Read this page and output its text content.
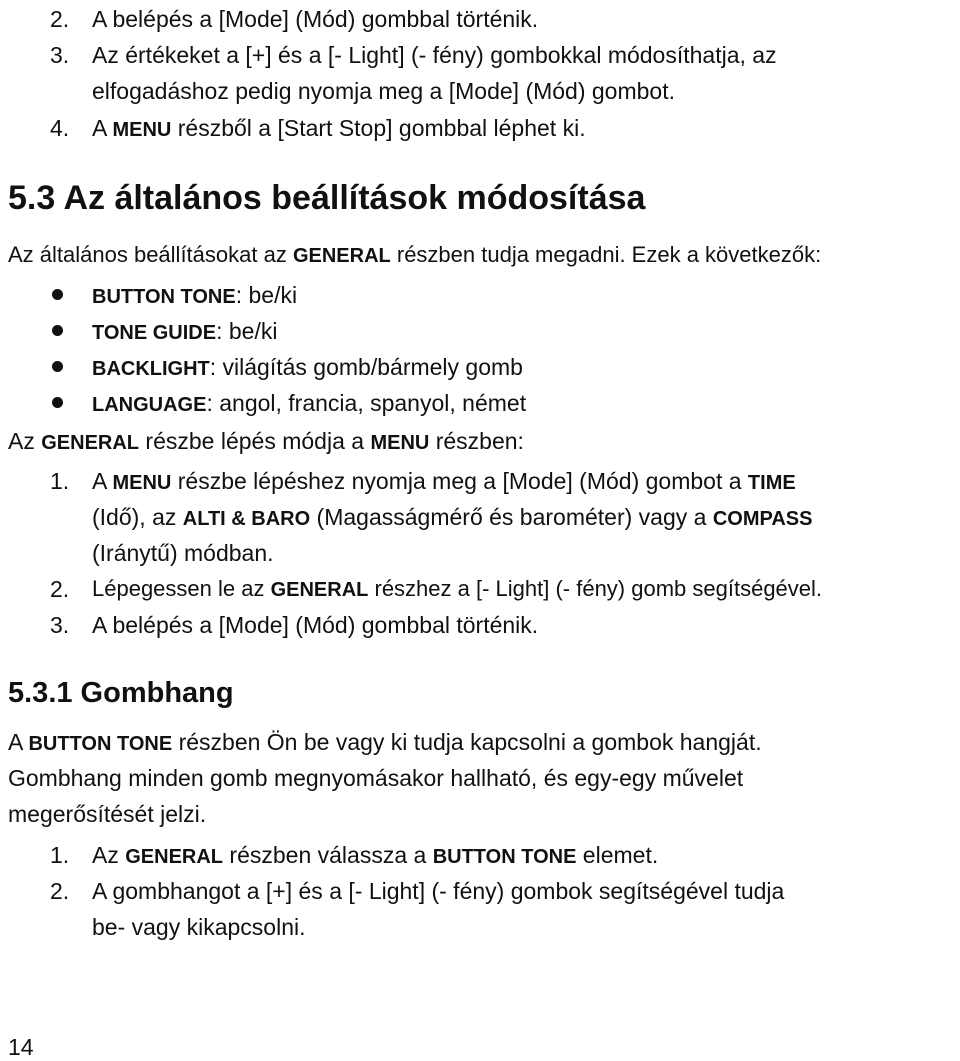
2. A belépés a [Mode] (Mód) gombbal történik.
3. Az értékeket a [+] és a [- Light] (- fény) gombokkal módosíthatja, az
elfogadáshoz pedig nyomja meg a [Mode] (Mód) gombot.
4. A MENU részből a [Start Stop] gombbal léphet ki.
5.3 Az általános beállítások módosítása
Az általános beállításokat az GENERAL részben tudja megadni. Ezek a következők:
BUTTON TONE: be/ki
TONE GUIDE: be/ki
BACKLIGHT: világítás gomb/bármely gomb
LANGUAGE: angol, francia, spanyol, német
Az GENERAL részbe lépés módja a MENU részben:
1. A MENU részbe lépéshez nyomja meg a [Mode] (Mód) gombot a TIME
(Idő), az ALTI & BARO (Magasságmérő és barométer) vagy a COMPASS
(Iránytű) módban.
2. Lépegessen le az GENERAL részhez a [- Light] (- fény) gomb segítségével.
3. A belépés a [Mode] (Mód) gombbal történik.
5.3.1 Gombhang
A BUTTON TONE részben Ön be vagy ki tudja kapcsolni a gombok hangját.
Gombhang minden gomb megnyomásakor hallható, és egy-egy művelet
megerősítését jelzi.
1. Az GENERAL részben válassza a BUTTON TONE elemet.
2. A gombhangot a [+] és a [- Light] (- fény) gombok segítségével tudja
be- vagy kikapcsolni.
14
